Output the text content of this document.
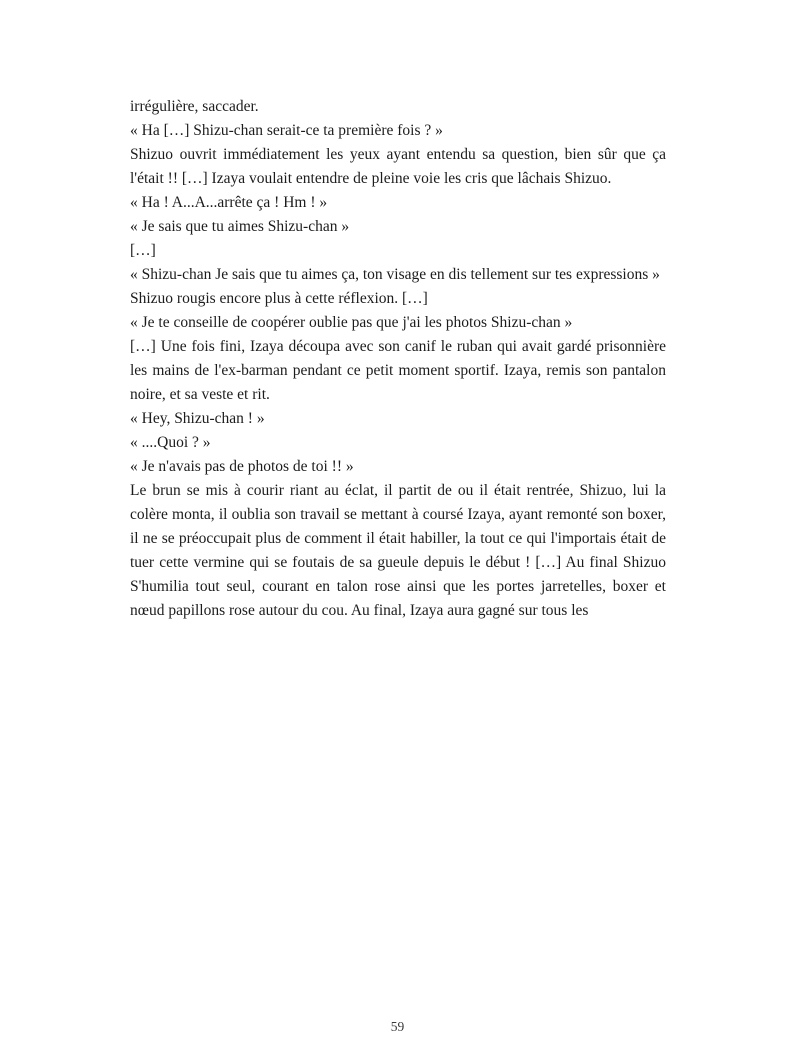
irrégulière, saccader.

« Ha […] Shizu-chan serait-ce ta première fois ? »

Shizuo ouvrit immédiatement les yeux ayant entendu sa question, bien sûr que ça l'était !! […] Izaya voulait entendre de pleine voie les cris que lâchais Shizuo.

« Ha ! A...A...arrête ça ! Hm ! »

« Je sais que tu aimes Shizu-chan »

[…]

« Shizu-chan Je sais que tu aimes ça, ton visage en dis tellement sur tes expressions »

Shizuo rougis encore plus à cette réflexion. […]

« Je te conseille de coopérer oublie pas que j'ai les photos Shizu-chan »

[…] Une fois fini, Izaya découpa avec son canif le ruban qui avait gardé prisonnière les mains de l'ex-barman pendant ce petit moment sportif. Izaya, remis son pantalon noire, et sa veste et rit.

« Hey, Shizu-chan ! »

« ....Quoi ? »

« Je n'avais pas de photos de toi !! »

Le brun se mis à courir riant au éclat, il partit de ou il était rentrée, Shizuo, lui la colère monta, il oublia son travail se mettant à coursé Izaya, ayant remonté son boxer, il ne se préoccupait plus de comment il était habiller, la tout ce qui l'importais était de tuer cette vermine qui se foutais de sa gueule depuis le début ! […] Au final Shizuo S'humilia tout seul, courant en talon rose ainsi que les portes jarretelles, boxer et nœud papillons rose autour du cou. Au final, Izaya aura gagné sur tous les

59
